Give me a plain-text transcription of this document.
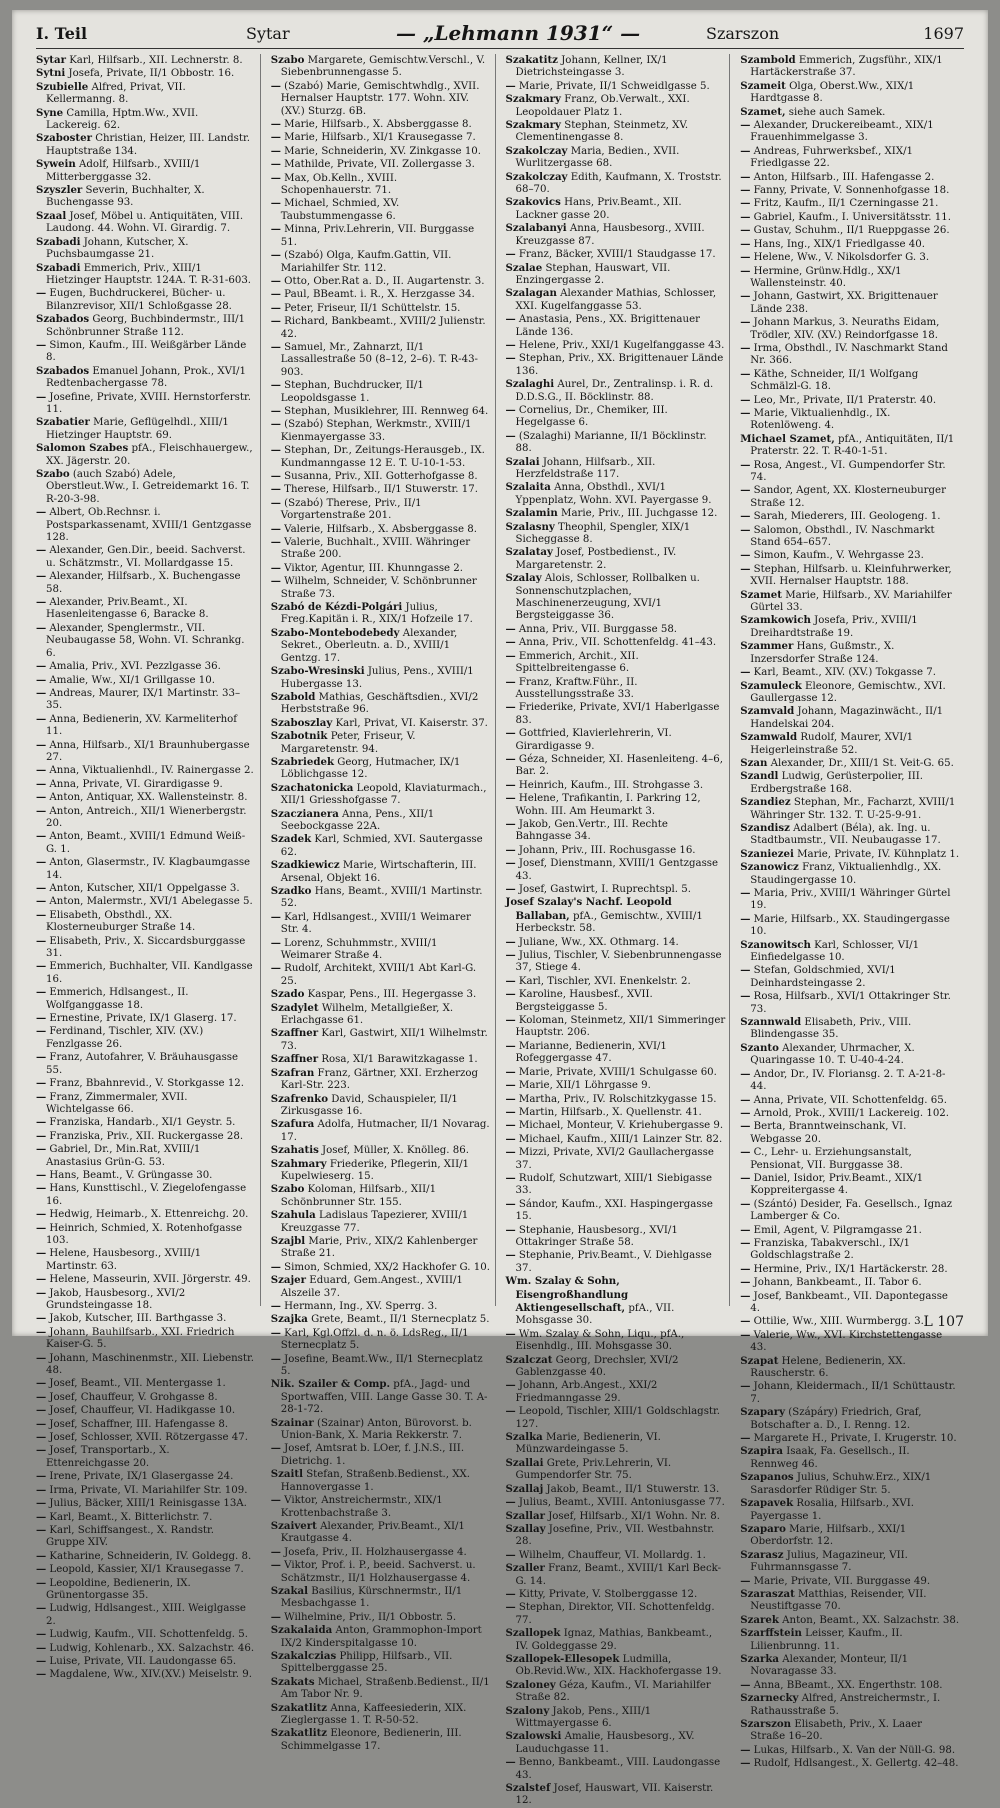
I. Teil	Sytar	— „Lehmann 1931“ —	Szarszon	1697

Sytar Karl, Hilfsarb., XII. Lechnerstr. 8.

Sytni Josefa, Private, II/1 Obbostr. 16.

Szubielle Alfred, Privat, VII. Kellermanng. 8.

Syne Camilla, Hptm.Ww., XVII. Lackereig. 62.

Szaboster Christian, Heizer, III. Landstr. Hauptstraße 134.

Sywein Adolf, Hilfsarb., XVIII/1 Mitterberggasse 32.

Szyszler Severin, Buchhalter, X. Buchengasse 93.

Szaal Josef, Möbel u. Antiquitäten, VIII. Laudong. 44. Wohn. VI. Girardig. 7.

Szabadi Johann, Kutscher, X. Puchsbaumgasse 21.

Szabadi Emmerich, Priv., XIII/1 Hietzinger Hauptstr. 124A. T. R-31-603.

— Eugen, Buchdruckerei, Bücher- u. Bilanzrevisor, XII/1 Schloßgasse 28.

Szabados Georg, Buchbindermstr., III/1 Schönbrunner Straße 112.

— Simon, Kaufm., III. Weißgärber Lände 8.

Szabados Emanuel Johann, Prok., XVI/1 Redtenbachergasse 78.

— Josefine, Private, XVIII. Hernstorferstr. 11.

Szabatier Marie, Geflügelhdl., XIII/1 Hietzinger Hauptstr. 69.

Salomon Szabes pfA., Fleischhauergew., XX. Jägerstr. 20.

Szabo (auch Szabó) Adele, Oberstleut.Ww., I. Getreidemarkt 16. T. R-20-3-98.

— Albert, Ob.Rechnsr. i. Postsparkassenamt, XVIII/1 Gentzgasse 128.

— Alexander, Gen.Dir., beeid. Sachverst. u. Schätzmstr., VI. Mollardgasse 15.

— Alexander, Hilfsarb., X. Buchengasse 58.

— Alexander, Priv.Beamt., XI. Hasenleitengasse 6, Baracke 8.

— Alexander, Spenglermstr., VII. Neubaugasse 58, Wohn. VI. Schrankg. 6.

— Amalia, Priv., XVI. Pezzlgasse 36.

— Amalie, Ww., XI/1 Grillgasse 10.

— Andreas, Maurer, IX/1 Martinstr. 33–35.

— Anna, Bedienerin, XV. Karmeliterhof 11.

— Anna, Hilfsarb., XI/1 Braunhubergasse 27.

— Anna, Viktualienhdl., IV. Rainergasse 2.

— Anna, Private, VI. Girardigasse 9.

— Anton, Antiquar, XX. Wallensteinstr. 8.

— Anton, Antreich., XII/1 Wienerbergstr. 20.

— Anton, Beamt., XVIII/1 Edmund Weiß-G. 1.

— Anton, Glasermstr., IV. Klagbaumgasse 14.

— Anton, Kutscher, XII/1 Oppelgasse 3.

— Anton, Malermstr., XVI/1 Abelegasse 5.

— Elisabeth, Obsthdl., XX. Klosterneuburger Straße 14.

— Elisabeth, Priv., X. Siccardsburggasse 31.

— Emmerich, Buchhalter, VII. Kandlgasse 16.

— Emmerich, Hdlsangest., II. Wolfganggasse 18.

— Ernestine, Private, IX/1 Glaserg. 17.

— Ferdinand, Tischler, XIV. (XV.) Fenzlgasse 26.

— Franz, Autofahrer, V. Bräuhausgasse 55.

— Franz, Bbahnrevid., V. Storkgasse 12.

— Franz, Zimmermaler, XVII. Wichtelgasse 66.

— Franziska, Handarb., XI/1 Geystr. 5.

— Franziska, Priv., XII. Ruckergasse 28.

— Gabriel, Dr., Min.Rat, XVIII/1 Anastasius Grün-G. 53.

— Hans, Beamt., V. Grüngasse 30.

— Hans, Kunsttischl., V. Ziegelofengasse 16.

— Hedwig, Heimarb., X. Ettenreichg. 20.

— Heinrich, Schmied, X. Rotenhofgasse 103.

— Helene, Hausbesorg., XVIII/1 Martinstr. 63.

— Helene, Masseurin, XVII. Jörgerstr. 49.

— Jakob, Hausbesorg., XVI/2 Grundsteingasse 18.

— Jakob, Kutscher, III. Barthgasse 3.

— Johann, Bauhilfsarb., XXI. Friedrich Kaiser-G. 5.

— Johann, Maschinenmstr., XII. Liebenstr. 48.

— Josef, Beamt., VII. Mentergasse 1.

— Josef, Chauffeur, V. Grohgasse 8.

— Josef, Chauffeur, VI. Hadikgasse 10.

— Josef, Schaffner, III. Hafengasse 8.

— Josef, Schlosser, XVII. Rötzergasse 47.

— Josef, Transportarb., X. Ettenreichgasse 20.

— Irene, Private, IX/1 Glasergasse 24.

— Irma, Private, VI. Mariahilfer Str. 109.

— Julius, Bäcker, XIII/1 Reinisgasse 13A.

— Karl, Beamt., X. Bitterlichstr. 7.

— Karl, Schiffsangest., X. Randstr. Gruppe XIV.

— Katharine, Schneiderin, IV. Goldegg. 8.

— Leopold, Kassier, XI/1 Krausegasse 7.

— Leopoldine, Bedienerin, IX. Grünentorgasse 35.

— Ludwig, Hdlsangest., XIII. Weiglgasse 2.

— Ludwig, Kaufm., VII. Schottenfeldg. 5.

— Ludwig, Kohlenarb., XX. Salzachstr. 46.

— Luise, Private, VII. Laudongasse 65.

— Magdalene, Ww., XIV.(XV.) Meiselstr. 9.

Szabo Margarete, Gemischtw.Verschl., V. Siebenbrunnengasse 5.

— (Szabó) Marie, Gemischtwhdlg., XVII. Hernalser Hauptstr. 177. Wohn. XIV. (XV.) Sturzg. 6B.

— Marie, Hilfsarb., X. Absberggasse 8.

— Marie, Hilfsarb., XI/1 Krausegasse 7.

— Marie, Schneiderin, XV. Zinkgasse 10.

— Mathilde, Private, VII. Zollergasse 3.

— Max, Ob.Kelln., XVIII. Schopenhauerstr. 71.

— Michael, Schmied, XV. Taubstummengasse 6.

— Minna, Priv.Lehrerin, VII. Burggasse 51.

— (Szabó) Olga, Kaufm.Gattin, VII. Mariahilfer Str. 112.

— Otto, Ober.Rat a. D., II. Augartenstr. 3.

— Paul, BBeamt. i. R., X. Herzgasse 34.

— Peter, Friseur, II/1 Schüttelstr. 15.

— Richard, Bankbeamt., XVIII/2 Julienstr. 42.

— Samuel, Mr., Zahnarzt, II/1 Lassallestraße 50 (8–12, 2–6). T. R-43-903.

— Stephan, Buchdrucker, II/1 Leopoldsgasse 1.

— Stephan, Musiklehrer, III. Rennweg 64.

— (Szabó) Stephan, Werkmstr., XVIII/1 Kienmayergasse 33.

— Stephan, Dr., Zeitungs-Herausgeb., IX. Kundmanngasse 12 E. T. U-10-1-53.

— Susanna, Priv., XII. Gotterhofgasse 8.

— Therese, Hilfsarb., II/1 Stuwerstr. 17.

— (Szabó) Therese, Priv., II/1 Vorgartenstraße 201.

— Valerie, Hilfsarb., X. Absberggasse 8.

— Valerie, Buchhalt., XVIII. Währinger Straße 200.

— Viktor, Agentur, III. Khunngasse 2.

— Wilhelm, Schneider, V. Schönbrunner Straße 73.

Szabó de Kézdi-Polgári Julius, Freg.Kapitän i. R., XIX/1 Hofzeile 17.

Szabo-Montebodebedy Alexander, Sekret., Oberleutn. a. D., XVIII/1 Gentzg. 17.

Szabo-Wresinski Julius, Pens., XVIII/1 Hubergasse 13.

Szabold Mathias, Geschäftsdien., XVI/2 Herbststraße 96.

Szaboszlay Karl, Privat, VI. Kaiserstr. 37.

Szabotnik Peter, Friseur, V. Margaretenstr. 94.

Szabriedek Georg, Hutmacher, IX/1 Löblichgasse 12.

Szachatonicka Leopold, Klaviaturmach., XII/1 Griesshofgasse 7.

Szaczianera Anna, Pens., XII/1 Seebockgasse 22A.

Szadek Karl, Schmied, XVI. Sautergasse 62.

Szadkiewicz Marie, Wirtschafterin, III. Arsenal, Objekt 16.

Szadko Hans, Beamt., XVIII/1 Martinstr. 52.

— Karl, Hdlsangest., XVIII/1 Weimarer Str. 4.

— Lorenz, Schuhmmstr., XVIII/1 Weimarer Straße 4.

— Rudolf, Architekt, XVIII/1 Abt Karl-G. 25.

Szado Kaspar, Pens., III. Hegergasse 3.

Szadylet Wilhelm, Metallgießer, X. Erlachgasse 61.

Szaffner Karl, Gastwirt, XII/1 Wilhelmstr. 73.

Szaffner Rosa, XI/1 Barawitzkagasse 1.

Szafran Franz, Gärtner, XXI. Erzherzog Karl-Str. 223.

Szafrenko David, Schauspieler, II/1 Zirkusgasse 16.

Szafura Adolfa, Hutmacher, II/1 Novarag. 17.

Szahatis Josef, Müller, X. Knölleg. 86.

Szahmary Friederike, Pflegerin, XII/1 Kupelwieserg. 15.

Szabo Koloman, Hilfsarb., XII/1 Schönbrunner Str. 155.

Szahula Ladislaus Tapezierer, XVIII/1 Kreuzgasse 77.

Szajbl Marie, Priv., XIX/2 Kahlenberger Straße 21.

— Simon, Schmied, XX/2 Hackhofer G. 10.

Szajer Eduard, Gem.Angest., XVIII/1 Alszeile 37.

— Hermann, Ing., XV. Sperrg. 3.

Szajka Grete, Beamt., II/1 Sternecplatz 5.

— Karl, Kgl.Offzl. d. n. ö. LdsReg., II/1 Sternecplatz 5.

— Josefine, Beamt.Ww., II/1 Sternecplatz 5.

Nik. Szailer & Comp. pfA., Jagd- und Sportwaffen, VIII. Lange Gasse 30. T. A-28-1-72.

Szainar (Szainar) Anton, Bürovorst. b. Union-Bank, X. Maria Rekkerstr. 7.

— Josef, Amtsrat b. LOer, f. J.N.S., III. Dietrichg. 1.

Szaitl Stefan, Straßenb.Bedienst., XX. Hannovergasse 1.

— Viktor, Anstreichermstr., XIX/1 Krottenbachstraße 3.

Szaivert Alexander, Priv.Beamt., XI/1 Krautgasse 4.

— Josefa, Priv., II. Holzhausergasse 4.

— Viktor, Prof. i. P., beeid. Sachverst. u. Schätzmstr., II/1 Holzhausergasse 4.

Szakal Basilius, Kürschnermstr., II/1 Mesbachgasse 1.

— Wilhelmine, Priv., II/1 Obbostr. 5.

Szakalaida Anton, Grammophon-Import IX/2 Kinderspitalgasse 10.

Szakalczias Philipp, Hilfsarb., VII. Spittelberggasse 25.

Szakats Michael, Straßenb.Bedienst., II/1 Am Tabor Nr. 9.

Szakatlitz Anna, Kaffeesiederin, XIX. Zieglergasse 1. T. R-50-52.

Szakatlitz Eleonore, Bedienerin, III. Schimmelgasse 17.

Szakatitz Johann, Kellner, IX/1 Dietrichsteingasse 3.

— Marie, Private, II/1 Schweidlgasse 5.

Szakmary Franz, Ob.Verwalt., XXI. Leopoldauer Platz 1.

Szakmary Stephan, Steinmetz, XV. Clementinengasse 8.

Szakolczay Maria, Bedien., XVII. Wurlitzergasse 68.

Szakolczay Edith, Kaufmann, X. Troststr. 68–70.

Szakovics Hans, Priv.Beamt., XII. Lackner gasse 20.

Szalabanyi Anna, Hausbesorg., XVIII. Kreuzgasse 87.

— Franz, Bäcker, XVIII/1 Staudgasse 17.

Szalae Stephan, Hauswart, VII. Enzingergasse 2.

Szalagan Alexander Mathias, Schlosser, XXI. Kugelfanggasse 53.

— Anastasia, Pens., XX. Brigittenauer Lände 136.

— Helene, Priv., XXI/1 Kugelfanggasse 43.

— Stephan, Priv., XX. Brigittenauer Lände 136.

Szalaghi Aurel, Dr., Zentralinsp. i. R. d. D.D.S.G., II. Böcklinstr. 88.

— Cornelius, Dr., Chemiker, III. Hegelgasse 6.

— (Szalaghi) Marianne, II/1 Böcklinstr. 88.

Szalai Johann, Hilfsarb., XII. Herzfeldstraße 117.

Szalaita Anna, Obsthdl., XVI/1 Yppenplatz, Wohn. XVI. Payergasse 9.

Szalamin Marie, Priv., III. Juchgasse 12.

Szalasny Theophil, Spengler, XIX/1 Sicheggasse 8.

Szalatay Josef, Postbedienst., IV. Margaretenstr. 2.

Szalay Alois, Schlosser, Rollbalken u. Sonnenschutzplachen, Maschinenerzeugung, XVI/1 Bergsteiggasse 36.

— Anna, Priv., VII. Burggasse 58.

— Anna, Priv., VII. Schottenfeldg. 41–43.

— Emmerich, Archit., XII. Spittelbreitengasse 6.

— Franz, Kraftw.Führ., II. Ausstellungsstraße 33.

— Friederike, Private, XVI/1 Haberlgasse 83.

— Gottfried, Klavierlehrerin, VI. Girardigasse 9.

— Géza, Schneider, XI. Hasenleiteng. 4–6, Bar. 2.

— Heinrich, Kaufm., III. Strohgasse 3.

— Helene, Trafikantin, I. Parkring 12, Wohn. III. Am Heumarkt 3.

— Jakob, Gen.Vertr., III. Rechte Bahngasse 34.

— Johann, Priv., III. Rochusgasse 16.

— Josef, Dienstmann, XVIII/1 Gentzgasse 43.

— Josef, Gastwirt, I. Ruprechtspl. 5.

Josef Szalay's Nachf. Leopold Ballaban, pfA., Gemischtw., XVIII/1 Herbeckstr. 58.

— Juliane, Ww., XX. Othmarg. 14.

— Julius, Tischler, V. Siebenbrunnengasse 37, Stiege 4.

— Karl, Tischler, XVI. Enenkelstr. 2.

— Karoline, Hausbesf., XVII. Bergsteiggasse 5.

— Koloman, Steinmetz, XII/1 Simmeringer Hauptstr. 206.

— Marianne, Bedienerin, XVI/1 Rofeggergasse 47.

— Marie, Private, XVIII/1 Schulgasse 60.

— Marie, XII/1 Löhrgasse 9.

— Martha, Priv., IV. Rolschitzkygasse 15.

— Martin, Hilfsarb., X. Quellenstr. 41.

— Michael, Monteur, V. Kriehubergasse 9.

— Michael, Kaufm., XIII/1 Lainzer Str. 82.

— Mizzi, Private, XVI/2 Gaullachergasse 37.

— Rudolf, Schutzwart, XIII/1 Siebigasse 33.

— Sándor, Kaufm., XXI. Haspingergasse 15.

— Stephanie, Hausbesorg., XVI/1 Ottakringer Straße 58.

— Stephanie, Priv.Beamt., V. Diehlgasse 37.

Wm. Szalay & Sohn, Eisengroßhandlung Aktiengesellschaft, pfA., VII. Mohsgasse 30.

— Wm. Szalay & Sohn, Liqu., pfA., Eisenhdlg., III. Mohsgasse 30.

Szalczat Georg, Drechsler, XVI/2 Gablenzgasse 40.

— Johann, Arb.Angest., XXI/2 Friedmanngasse 29.

— Leopold, Tischler, XIII/1 Goldschlagstr. 127.

Szalka Marie, Bedienerin, VI. Münzwardeingasse 5.

Szallai Grete, Priv.Lehrerin, VI. Gumpendorfer Str. 75.

Szallaj Jakob, Beamt., II/1 Stuwerstr. 13.

— Julius, Beamt., XVIII. Antoniusgasse 77.

Szallar Josef, Hilfsarb., XI/1 Wohn. Nr. 8.

Szallay Josefine, Priv., VII. Westbahnstr. 28.

— Wilhelm, Chauffeur, VI. Mollardg. 1.

Szaller Franz, Beamt., XVIII/1 Karl Beck-G. 14.

— Kitty, Private, V. Stolberggasse 12.

— Stephan, Direktor, VII. Schottenfeldg. 77.

Szallopek Ignaz, Mathias, Bankbeamt., IV. Goldeggasse 29.

Szallopek-Ellesopek Ludmilla, Ob.Revid.Ww., XIX. Hackhofergasse 19.

Szaloney Géza, Kaufm., VI. Mariahilfer Straße 82.

Szalony Jakob, Pens., XIII/1 Wittmayergasse 6.

Szalowski Amalie, Hausbesorg., XV. Lauduchgasse 11.

— Benno, Bankbeamt., VIII. Laudongasse 43.

Szalstef Josef, Hauswart, VII. Kaiserstr. 12.

Szambold Emmerich, Zugsführ., XIX/1 Hartäckerstraße 37.

Szameit Olga, Oberst.Ww., XIX/1 Hardtgasse 8.

Szamet, siehe auch Samek.

— Alexander, Druckereibeamt., XIX/1 Frauenhimmelgasse 3.

— Andreas, Fuhrwerksbef., XIX/1 Friedlgasse 22.

— Anton, Hilfsarb., III. Hafengasse 2.

— Fanny, Private, V. Sonnenhofgasse 18.

— Fritz, Kaufm., II/1 Czerningasse 21.

— Gabriel, Kaufm., I. Universitätsstr. 11.

— Gustav, Schuhm., II/1 Rueppgasse 26.

— Hans, Ing., XIX/1 Friedlgasse 40.

— Helene, Ww., V. Nikolsdorfer G. 3.

— Hermine, Grünw.Hdlg., XX/1 Wallensteinstr. 40.

— Johann, Gastwirt, XX. Brigittenauer Lände 238.

— Johann Markus, 3. Neuraths Eidam, Trödler, XIV. (XV.) Reindorfgasse 18.

— Irma, Obsthdl., IV. Naschmarkt Stand Nr. 366.

— Käthe, Schneider, II/1 Wolfgang Schmälzl-G. 18.

— Leo, Mr., Private, II/1 Praterstr. 40.

— Marie, Viktualienhdlg., IX. Rotenlöweng. 4.

Michael Szamet, pfA., Antiquitäten, II/1 Praterstr. 22. T. R-40-1-51.

— Rosa, Angest., VI. Gumpendorfer Str. 74.

— Sandor, Agent, XX. Klosterneuburger Straße 12.

— Sarah, Miederers, III. Geologeng. 1.

— Salomon, Obsthdl., IV. Naschmarkt Stand 654–657.

— Simon, Kaufm., V. Wehrgasse 23.

— Stephan, Hilfsarb. u. Kleinfuhrwerker, XVII. Hernalser Hauptstr. 188.

Szamet Marie, Hilfsarb., XV. Mariahilfer Gürtel 33.

Szamkowich Josefa, Priv., XVIII/1 Dreihardtstraße 19.

Szammer Hans, Gußmstr., X. Inzersdorfer Straße 124.

— Karl, Beamt., XIV. (XV.) Tokgasse 7.

Szamuleck Eleonore, Gemischtw., XVI. Gaullergasse 12.

Szamvald Johann, Magazinwächt., II/1 Handelskai 204.

Szamwald Rudolf, Maurer, XVI/1 Heigerleinstraße 52.

Szan Alexander, Dr., XIII/1 St. Veit-G. 65.

Szandl Ludwig, Gerüsterpolier, III. Erdbergstraße 168.

Szandiez Stephan, Mr., Facharzt, XVIII/1 Währinger Str. 132. T. U-25-9-91.

Szandisz Adalbert (Béla), ak. Ing. u. Stadtbaumstr., VII. Neubaugasse 17.

Szaniezei Marie, Private, IV. Kühnplatz 1.

Szanowicz Franz, Viktualienhdlg., XX. Staudingergasse 10.

— Maria, Priv., XVIII/1 Währinger Gürtel 19.

— Marie, Hilfsarb., XX. Staudingergasse 10.

Szanowitsch Karl, Schlosser, VI/1 Einfiedelgasse 10.

— Stefan, Goldschmied, XVI/1 Deinhardsteingasse 2.

— Rosa, Hilfsarb., XVI/1 Ottakringer Str. 73.

Szannwald Elisabeth, Priv., VIII. Blindengasse 35.

Szanto Alexander, Uhrmacher, X. Quaringasse 10. T. U-40-4-24.

— Andor, Dr., IV. Floriansg. 2. T. A-21-8-44.

— Anna, Private, VII. Schottenfeldg. 65.

— Arnold, Prok., XVIII/1 Lackereig. 102.

— Berta, Branntweinschank, VI. Webgasse 20.

— C., Lehr- u. Erziehungsanstalt, Pensionat, VII. Burggasse 38.

— Daniel, Isidor, Priv.Beamt., XIX/1 Koppreitergasse 4.

— (Szántó) Desider, Fa. Gesellsch., Ignaz Lamberger & Co.

— Emil, Agent, V. Pilgramgasse 21.

— Franziska, Tabakverschl., IX/1 Goldschlagstraße 2.

— Hermine, Priv., IX/1 Hartäckerstr. 28.

— Johann, Bankbeamt., II. Tabor 6.

— Josef, Bankbeamt., VII. Dapontegasse 4.

— Ottilie, Ww., XIII. Wurmbergg. 3.

— Valerie, Ww., XVI. Kirchstettengasse 43.

Szapat Helene, Bedienerin, XX. Rauscherstr. 6.

— Johann, Kleidermach., II/1 Schüttaustr. 7.

Szapary (Szápáry) Friedrich, Graf, Botschafter a. D., I. Renng. 12.

— Margarete H., Private, I. Krugerstr. 10.

Szapira Isaak, Fa. Gesellsch., II. Rennweg 46.

Szapanos Julius, Schuhw.Erz., XIX/1 Sarasdorfer Rüdiger Str. 5.

Szapavek Rosalia, Hilfsarb., XVI. Payergasse 1.

Szaparo Marie, Hilfsarb., XXI/1 Oberdorfstr. 12.

Szarasz Julius, Magazineur, VII. Fuhrmannsgasse 7.

— Marie, Private, VII. Burggasse 49.

Szaraszat Matthias, Reisender, VII. Neustiftgasse 70.

Szarek Anton, Beamt., XX. Salzachstr. 38.

Szarffstein Leisser, Kaufm., II. Lilienbrunng. 11.

Szarka Alexander, Monteur, II/1 Novaragasse 33.

— Anna, BBeamt., XX. Engerthstr. 108.

Szarnecky Alfred, Anstreichermstr., I. Rathausstraße 5.

Szarszon Elisabeth, Priv., X. Laaer Straße 16–20.

— Lukas, Hilfsarb., X. Van der Nüll-G. 98.

— Rudolf, Hdlsangest., X. Gellertg. 42–48.

L 107
